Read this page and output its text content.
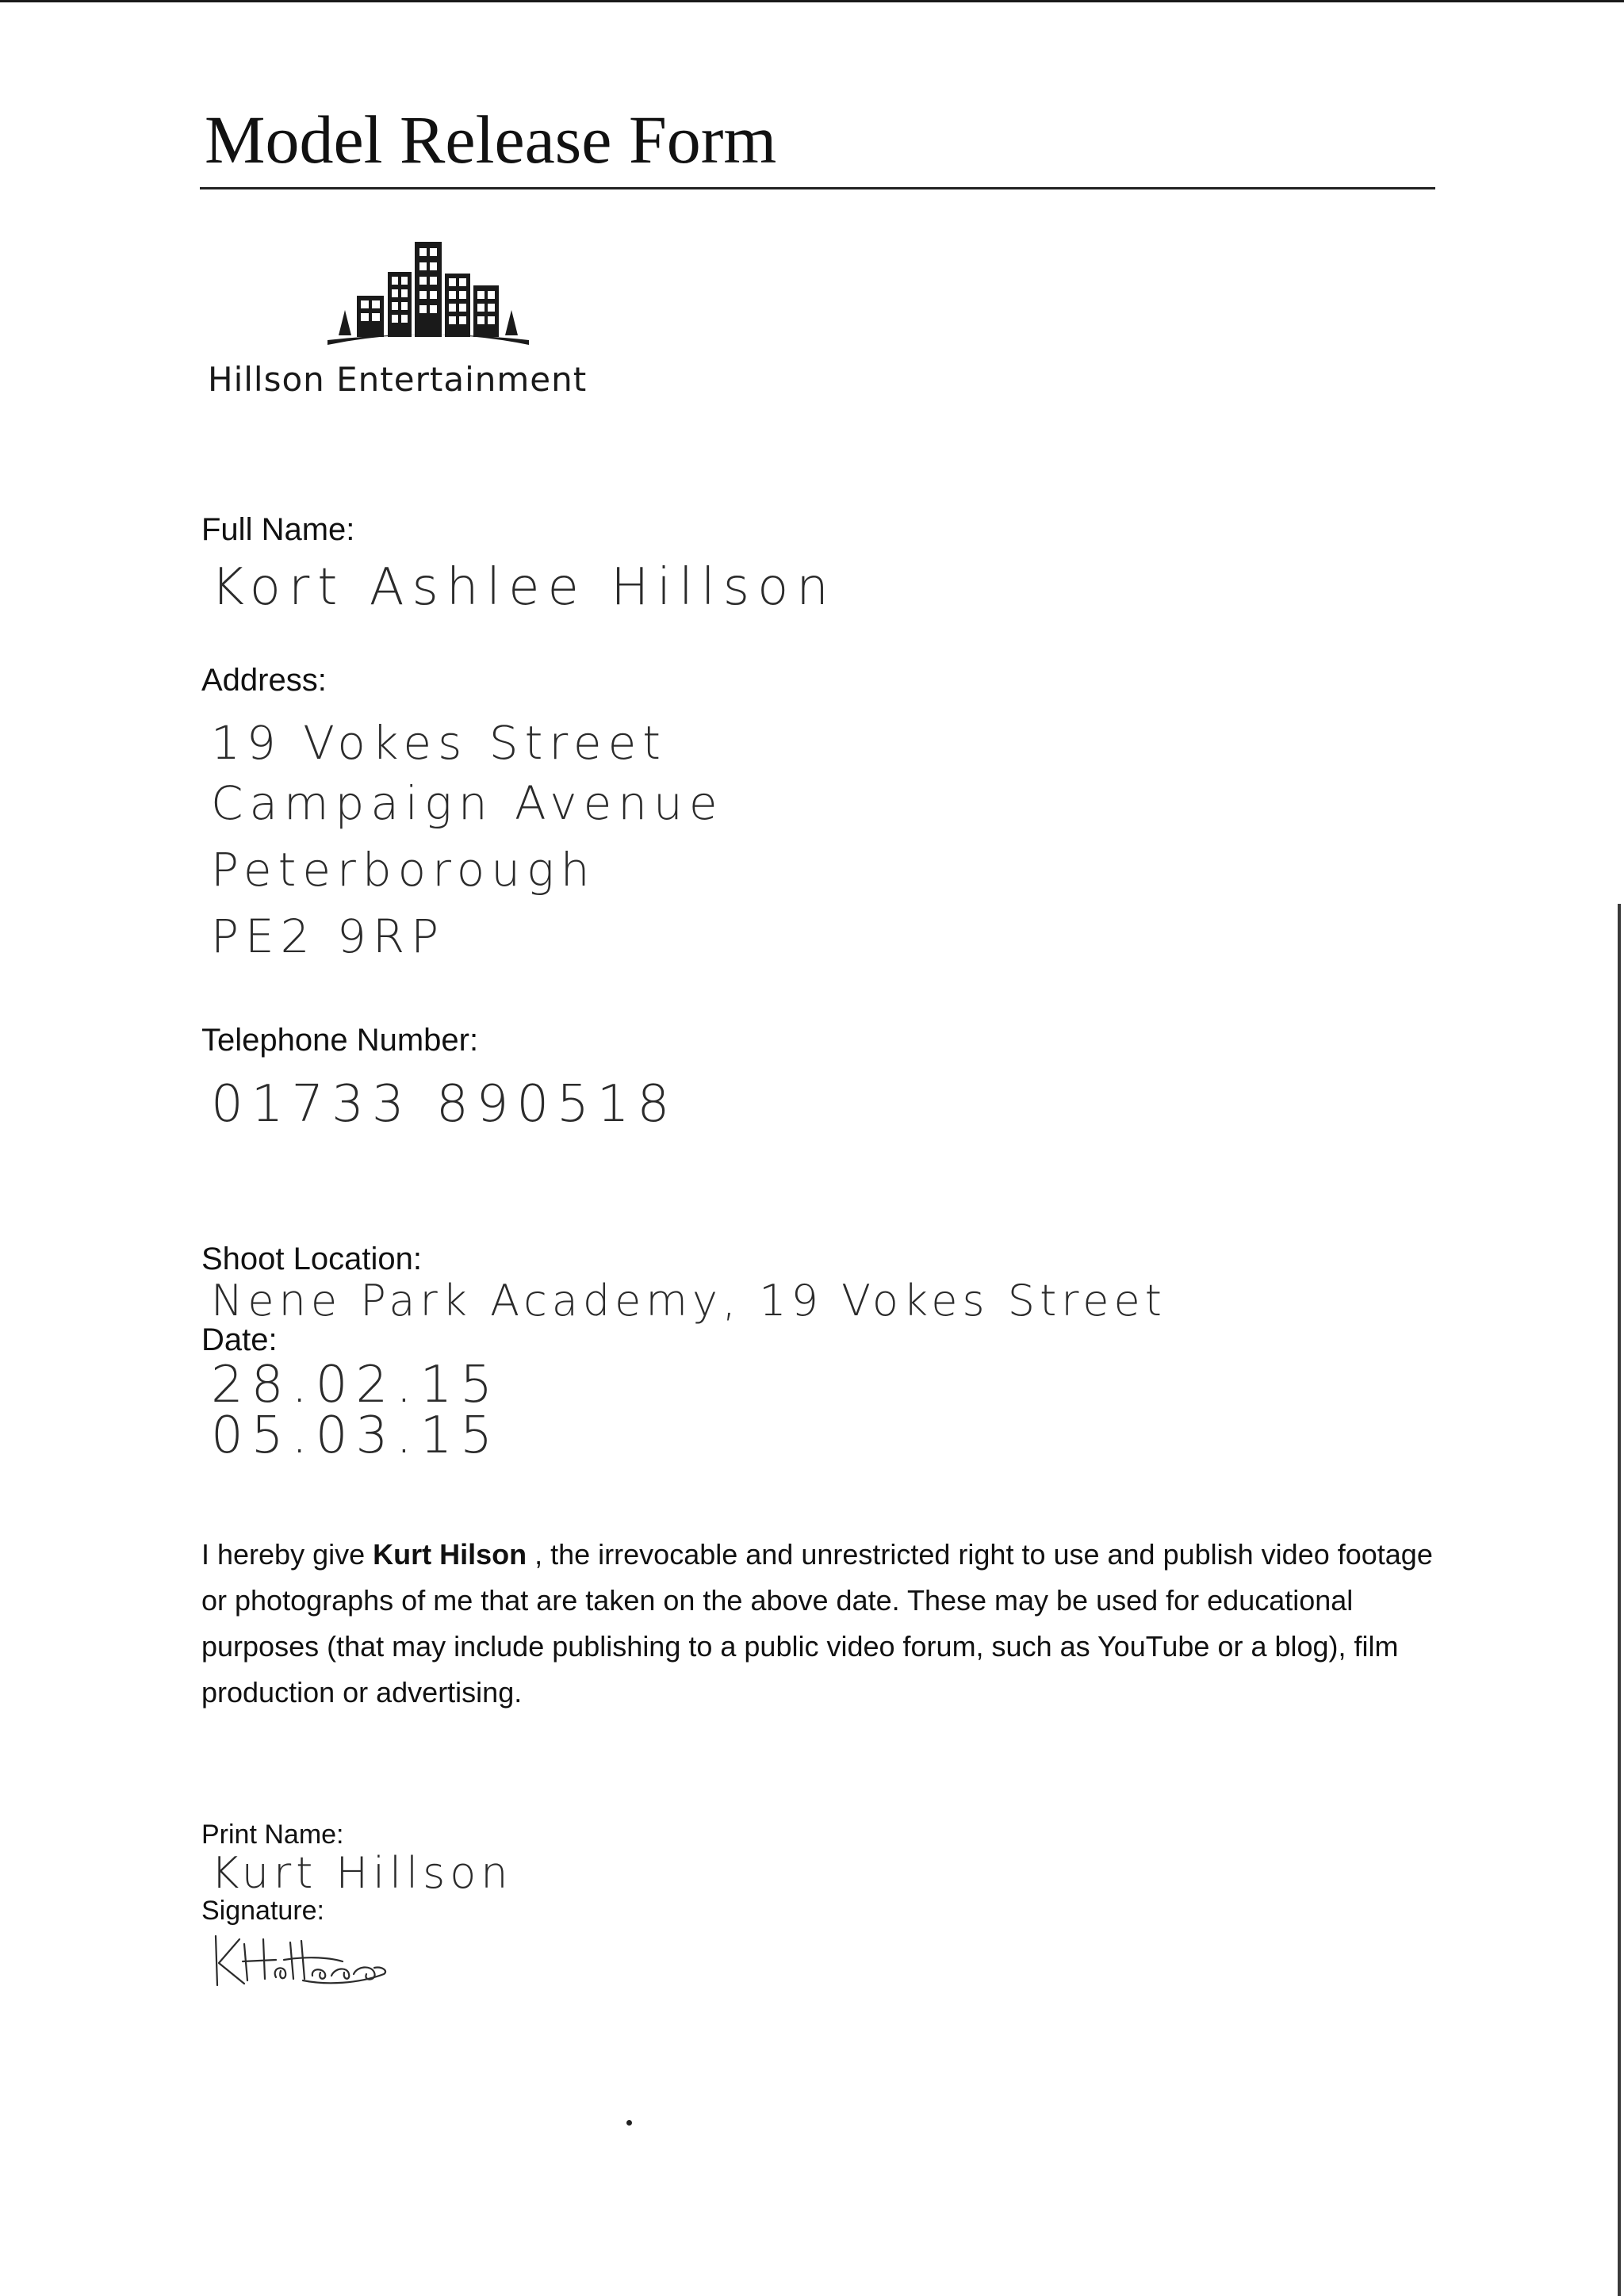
Model Release Form
Hillson Entertainment
Full Name:
Kort Ashlee Hillson
Address:
19 Vokes Street
Campaign Avenue
Peterborough
PE2 9RP
Telephone Number:
01733 890518
Shoot Location:
Nene Park Academy, 19 Vokes Street
Date:
28.02.15
05.03.15
I hereby give Kurt Hilson , the irrevocable and unrestricted right to use and publish video footage or photographs of me that are taken on the above date. These may be used for educational purposes (that may include publishing to a public video forum, such as YouTube or a blog), film production or advertising.
Print Name:
Kurt Hillson
Signature:
